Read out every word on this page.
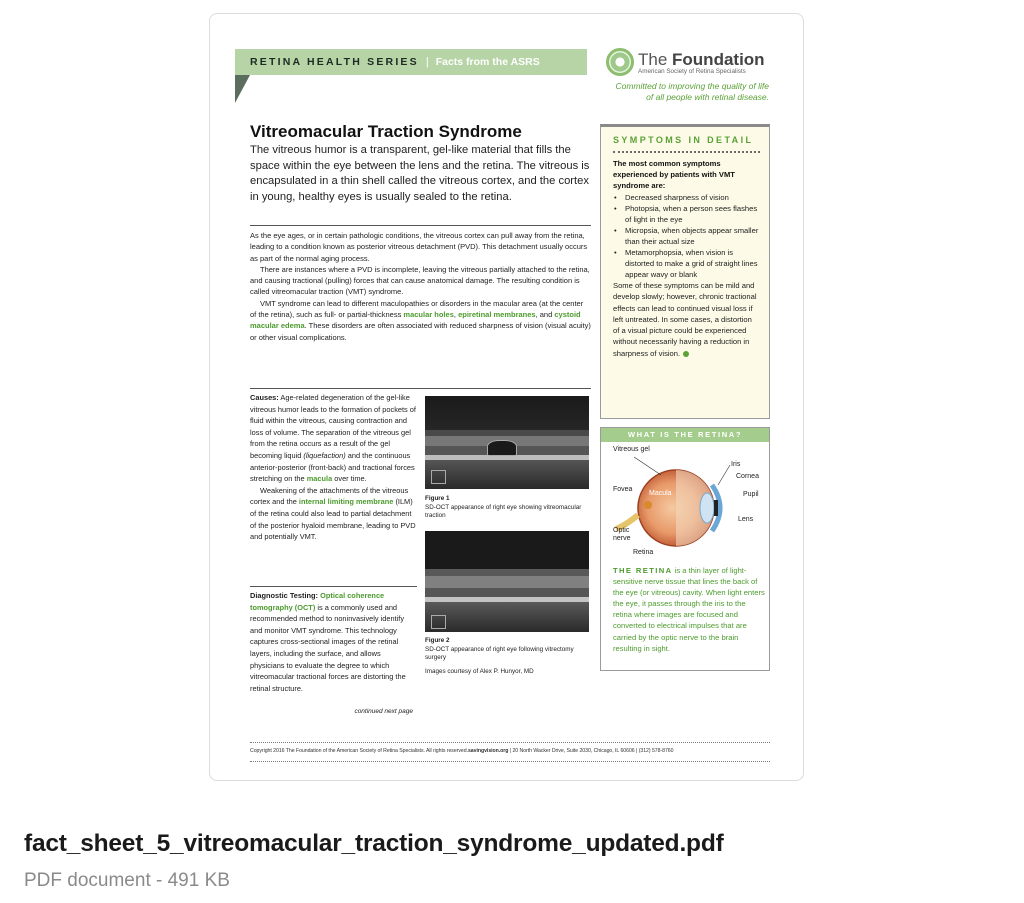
RETINA HEALTH SERIES | Facts from the ASRS	The Foundation
American Society of Retina Specialists
Committed to improving the quality of life of all people with retinal disease.
Vitreomacular Traction Syndrome
The vitreous humor is a transparent, gel-like material that fills the space within the eye between the lens and the retina. The vitreous is encapsulated in a thin shell called the vitreous cortex, and the cortex in young, healthy eyes is usually sealed to the retina.

As the eye ages, or in certain pathologic conditions, the vitreous cortex can pull away from the retina, leading to a condition known as posterior vitreous detachment (PVD). This detachment usually occurs as part of the normal aging process.

There are instances where a PVD is incomplete, leaving the vitreous partially attached to the retina, and causing tractional (pulling) forces that can cause anatomical damage. The resulting condition is called vitreomacular traction (VMT) syndrome.

VMT syndrome can lead to different maculopathies or disorders in the macular area (at the center of the retina), such as full- or partial-thickness macular holes, epiretinal membranes, and cystoid macular edema. These disorders are often associated with reduced sharpness of vision (visual acuity) or other visual complications.

Causes: Age-related degeneration of the gel-like vitreous humor leads to the formation of pockets of fluid within the vitreous, causing contraction and loss of volume. The separation of the vitreous gel from the retina occurs as a result of the gel becoming liquid (liquefaction) and the continuous anterior-posterior (front-back) and tractional forces stretching on the macula over time.

Weakening of the attachments of the vitreous cortex and the internal limiting membrane (ILM) of the retina could also lead to partial detachment of the posterior hyaloid membrane, leading to PVD and potentially VMT.

Diagnostic Testing: Optical coherence tomography (OCT) is a commonly used and recommended method to noninvasively identify and monitor VMT syndrome. This technology captures cross-sectional images of the retinal layers, including the surface, and allows physicians to evaluate the degree to which vitreomacular tractional forces are distorting the retinal structure.
continued next page
Figure 1
SD-OCT appearance of right eye showing vitreomacular traction
Figure 2
SD-OCT appearance of right eye following vitrectomy surgery
Images courtesy of Alex P. Hunyor, MD
SYMPTOMS IN DETAIL
The most common symptoms experienced by patients with VMT syndrome are:
• Decreased sharpness of vision
• Photopsia, when a person sees flashes of light in the eye
• Micropsia, when objects appear smaller than their actual size
• Metamorphopsia, when vision is distorted to make a grid of straight lines appear wavy or blank
Some of these symptoms can be mild and develop slowly; however, chronic tractional effects can lead to continued visual loss if left untreated. In some cases, a distortion of a visual picture could be experienced without necessarily having a reduction in sharpness of vision.
WHAT IS THE RETINA?
Vitreous gel
Iris
Cornea
Fovea
Macula	Pupil
Lens
Optic nerve
Retina
THE RETINA is a thin layer of light-sensitive nerve tissue that lines the back of the eye (or vitreous) cavity. When light enters the eye, it passes through the iris to the retina where images are focused and converted to electrical impulses that are carried by the optic nerve to the brain resulting in sight.
Copyright 2016 The Foundation of the American Society of Retina Specialists. All rights reserved.savingvision.org | 20 North Wacker Drive, Suite 2030, Chicago, IL 60606 | (312) 578-8760
fact_sheet_5_vitreomacular_traction_syndrome_updated.pdf
PDF document - 491 KB
